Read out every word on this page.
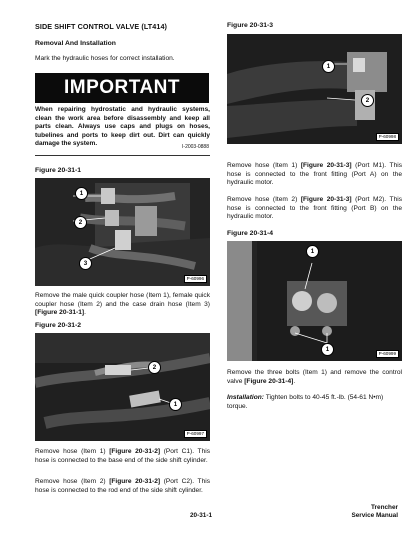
SIDE SHIFT CONTROL VALVE (LT414)
Removal And Installation
Mark the hydraulic hoses for correct installation.
IMPORTANT
When repairing hydrostatic and hydraulic systems, clean the work area before disassembly and keep all parts clean. Always use caps and plugs on hoses, tubelines and ports to keep dirt out. Dirt can quickly damage the system.	I-2003-0888
Figure 20-31-1
1
2
3
P-60996
Remove the male quick coupler hose (Item 1), female quick coupler hose (Item 2) and the case drain hose (Item 3) [Figure 20-31-1].
Figure 20-31-2
2
1
P-60997
Remove hose (Item 1) [Figure 20-31-2] (Port C1). This hose is connected to the base end of the side shift cylinder.
Remove hose (Item 2) [Figure 20-31-2] (Port C2). This hose is connected to the rod end of the side shift cylinder.
Figure 20-31-3
1
2
P-60998
Remove hose (Item 1) [Figure 20-31-3] (Port M1). This hose is connected to the front fitting (Port A) on the hydraulic motor.
Remove hose (Item 2) [Figure 20-31-3] (Port M2). This hose is connected to the front fitting (Port B) on the hydraulic motor.
Figure 20-31-4
1
1
P-60999
Remove the three bolts (Item 1) and remove the control valve [Figure 20-31-4].
Installation: Tighten bolts to 40-45 ft.-lb. (54-61 N•m) torque.
20-31-1
Trencher
Service Manual
